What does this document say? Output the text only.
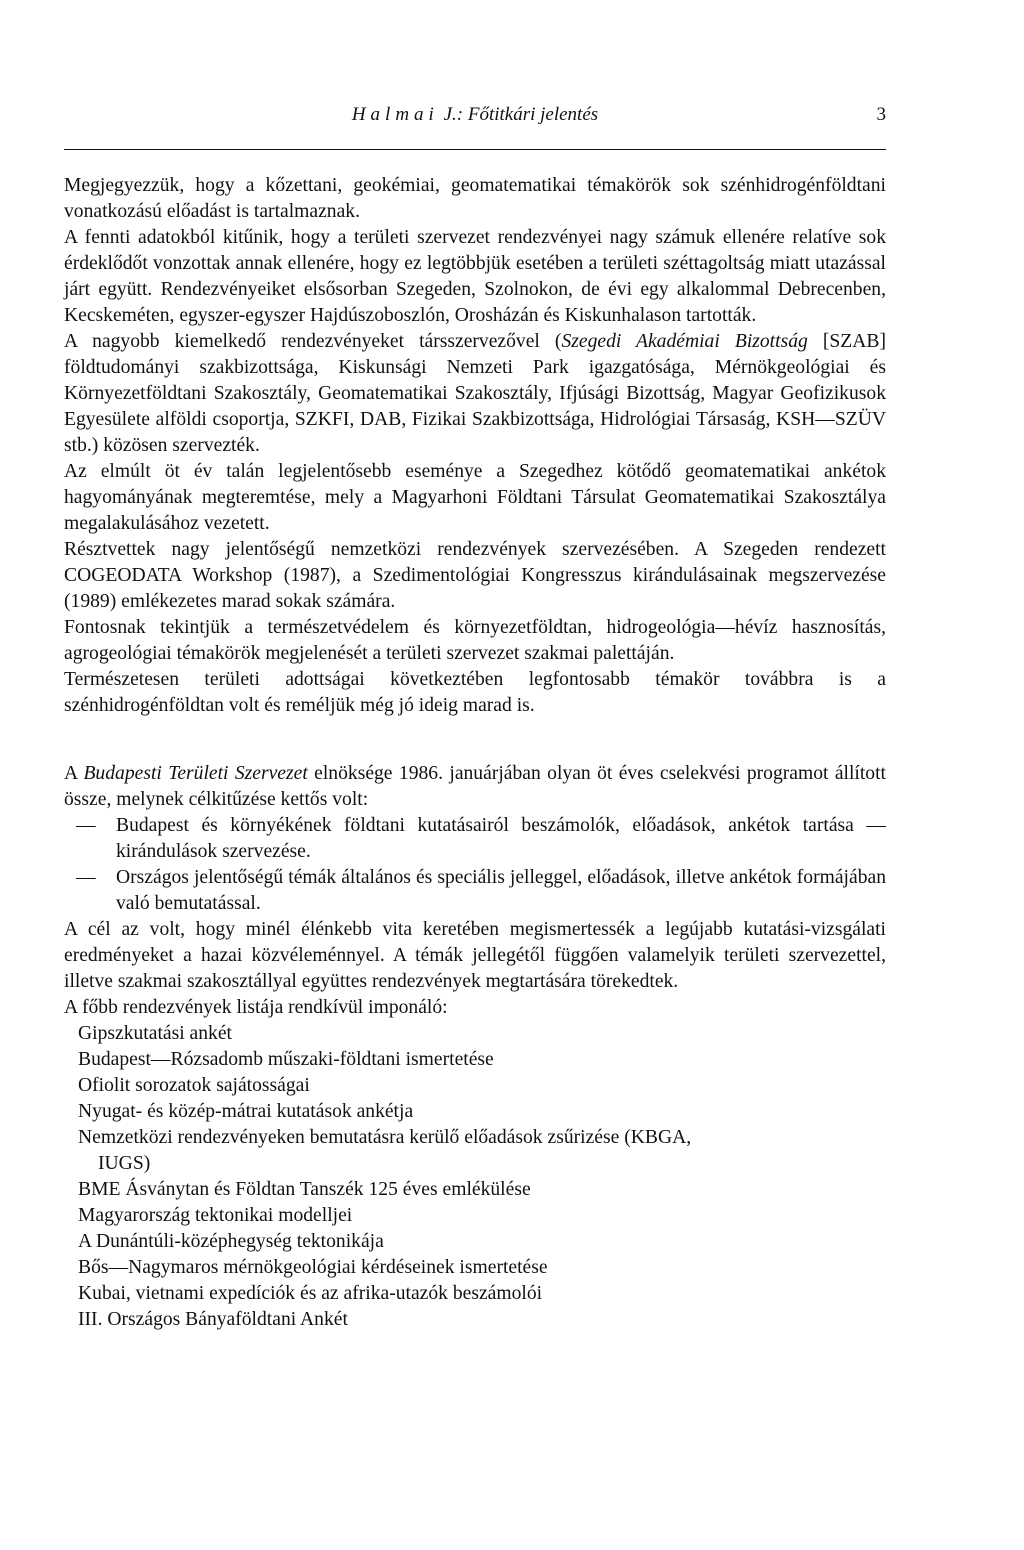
Halmai J.: Főtitkári jelentés	3

Megjegyezzük, hogy a kőzettani, geokémiai, geomatematikai témakörök sok szénhidrogénföldtani vonatkozású előadást is tartalmaznak.

A fennti adatokból kitűnik, hogy a területi szervezet rendezvényei nagy számuk ellenére relatíve sok érdeklődőt vonzottak annak ellenére, hogy ez legtöbbjük esetében a területi széttagoltság miatt utazással járt együtt. Rendezvényeiket elsősorban Szegeden, Szolnokon, de évi egy alkalommal Debrecenben, Kecskeméten, egyszer-egyszer Hajdúszoboszlón, Orosházán és Kiskunhalason tartották.

A nagyobb kiemelkedő rendezvényeket társszervezővel (Szegedi Akadémiai Bizottság [SZAB] földtudományi szakbizottsága, Kiskunsági Nemzeti Park igazgatósága, Mérnökgeológiai és Környezetföldtani Szakosztály, Geomatematikai Szakosztály, Ifjúsági Bizottság, Magyar Geofizikusok Egyesülete alföldi csoportja, SZKFI, DAB, Fizikai Szakbizottsága, Hidrológiai Társaság, KSH—SZÜV stb.) közösen szervezték.

Az elmúlt öt év talán legjelentősebb eseménye a Szegedhez kötődő geomatematikai ankétok hagyományának megteremtése, mely a Magyarhoni Földtani Társulat Geomatematikai Szakosztálya megalakulásához vezetett.

Résztvettek nagy jelentőségű nemzetközi rendezvények szervezésében. A Szegeden rendezett COGEODATA Workshop (1987), a Szedimentológiai Kongresszus kirándulásainak megszervezése (1989) emlékezetes marad sokak számára.

Fontosnak tekintjük a természetvédelem és környezetföldtan, hidrogeológia—hévíz hasznosítás, agrogeológiai témakörök megjelenését a területi szervezet szakmai palettáján.

Természetesen területi adottságai következtében legfontosabb témakör továbbra is a szénhidrogénföldtan volt és reméljük még jó ideig marad is.

A Budapesti Területi Szervezet elnöksége 1986. januárjában olyan öt éves cselekvési programot állított össze, melynek célkitűzése kettős volt:

— Budapest és környékének földtani kutatásairól beszámolók, előadások, ankétok tartása — kirándulások szervezése.

— Országos jelentőségű témák általános és speciális jelleggel, előadások, illetve ankétok formájában való bemutatással.

A cél az volt, hogy minél élénkebb vita keretében megismertessék a legújabb kutatási-vizsgálati eredményeket a hazai közvéleménnyel. A témák jellegétől függően valamelyik területi szervezettel, illetve szakmai szakosztállyal együttes rendezvények megtartására törekedtek.

A főbb rendezvények listája rendkívül imponáló:

Gipszkutatási ankét
Budapest—Rózsadomb műszaki-földtani ismertetése
Ofiolit sorozatok sajátosságai
Nyugat- és közép-mátrai kutatások ankétja
Nemzetközi rendezvényeken bemutatásra kerülő előadások zsűrizése (KBGA,
IUGS)
BME Ásványtan és Földtan Tanszék 125 éves emlékülése
Magyarország tektonikai modelljei
A Dunántúli-középhegység tektonikája
Bős—Nagymaros mérnökgeológiai kérdéseinek ismertetése
Kubai, vietnami expedíciók és az afrika-utazók beszámolói
III. Országos Bányaföldtani Ankét
